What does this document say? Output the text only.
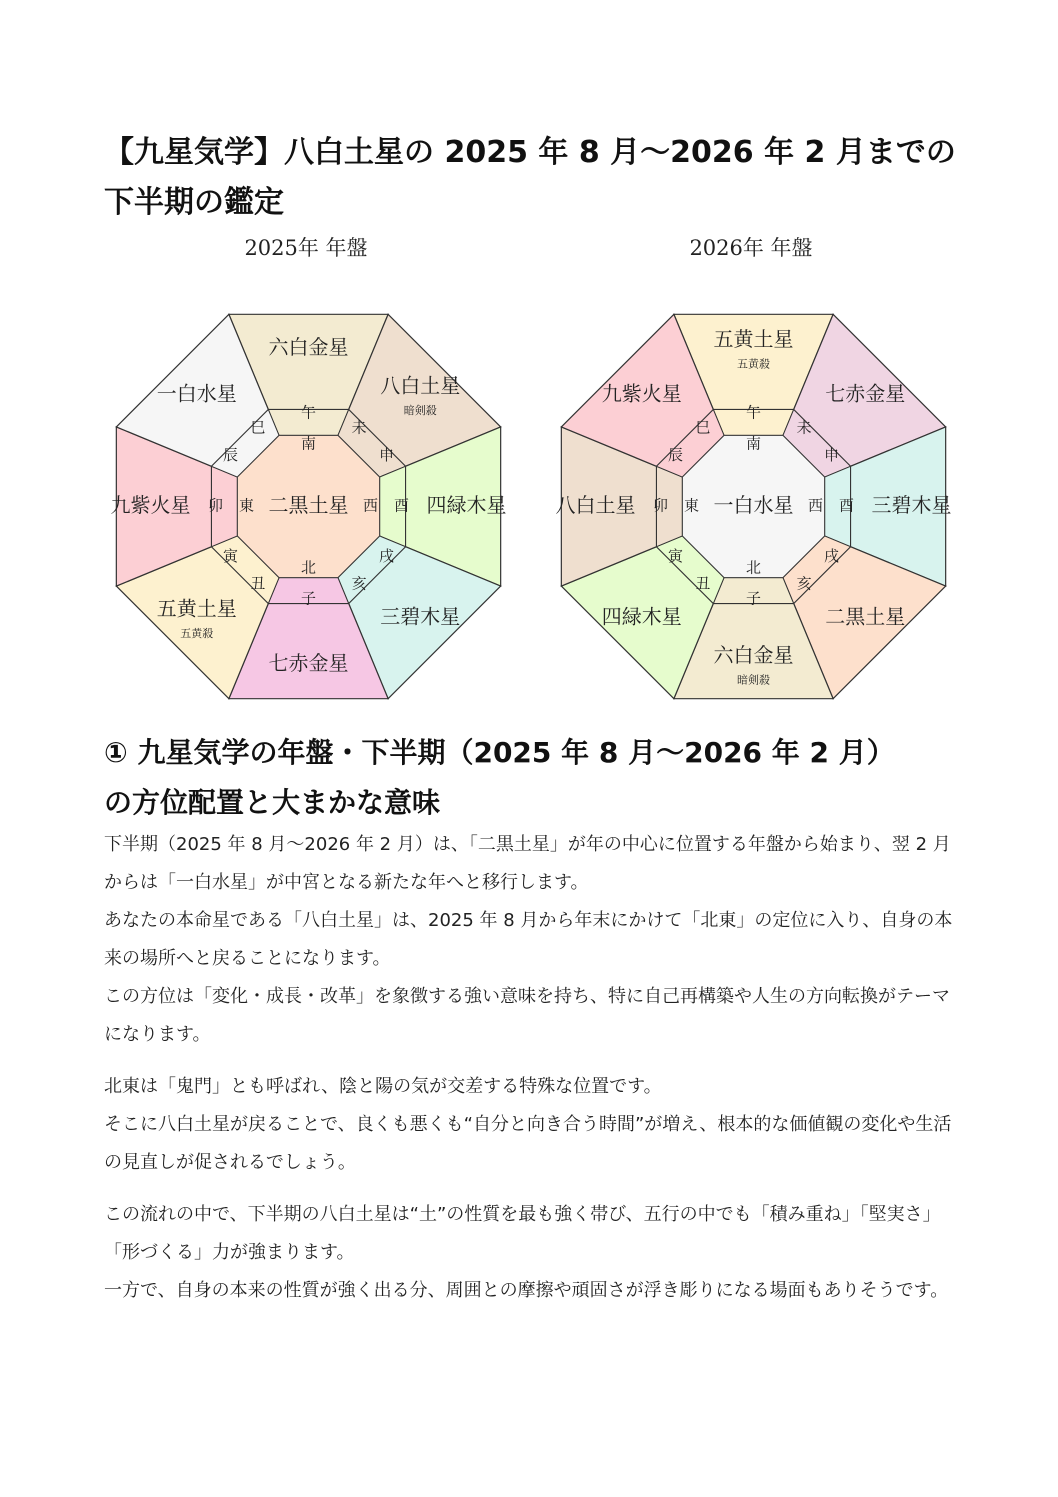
【九星気学】八白土星の 2025 年 8 月～2026 年 2 月までの
下半期の鑑定
2025年 年盤	2026年 年盤
二黒土星
六白金星
午
八白土星
暗剣殺
未
申
四緑木星
酉
三碧木星
戌
亥
七赤金星
子
五黄土星
五黄殺
丑
寅
九紫火星 卯
一白水星
辰
巳
南
西
北
東	一白水星
五黄土星
五黄殺
午
七赤金星
未
申
三碧木星
酉
二黒土星
戌
亥
六白金星
暗剣殺
子
四緑木星
丑
寅
八白土星 卯
九紫火星
辰
巳
南
西
北
東
① 九星気学の年盤・下半期（2025 年 8 月～2026 年 2 月）
の方位配置と大まかな意味

下半期（2025 年 8 月～2026 年 2 月）は、「二黒土星」が年の中心に位置する年盤から始まり、翌 2 月からは「一白水星」が中宮となる新たな年へと移行します。
あなたの本命星である「八白土星」は、2025 年 8 月から年末にかけて「北東」の定位に入り、自身の本来の場所へと戻ることになります。
この方位は「変化・成長・改革」を象徴する強い意味を持ち、特に自己再構築や人生の方向転換がテーマになります。

北東は「鬼門」とも呼ばれ、陰と陽の気が交差する特殊な位置です。
そこに八白土星が戻ることで、良くも悪くも“自分と向き合う時間”が増え、根本的な価値観の変化や生活の見直しが促されるでしょう。

この流れの中で、下半期の八白土星は“土”の性質を最も強く帯び、五行の中でも「積み重ね」「堅実さ」「形づくる」力が強まります。
一方で、自身の本来の性質が強く出る分、周囲との摩擦や頑固さが浮き彫りになる場面もありそうです。
